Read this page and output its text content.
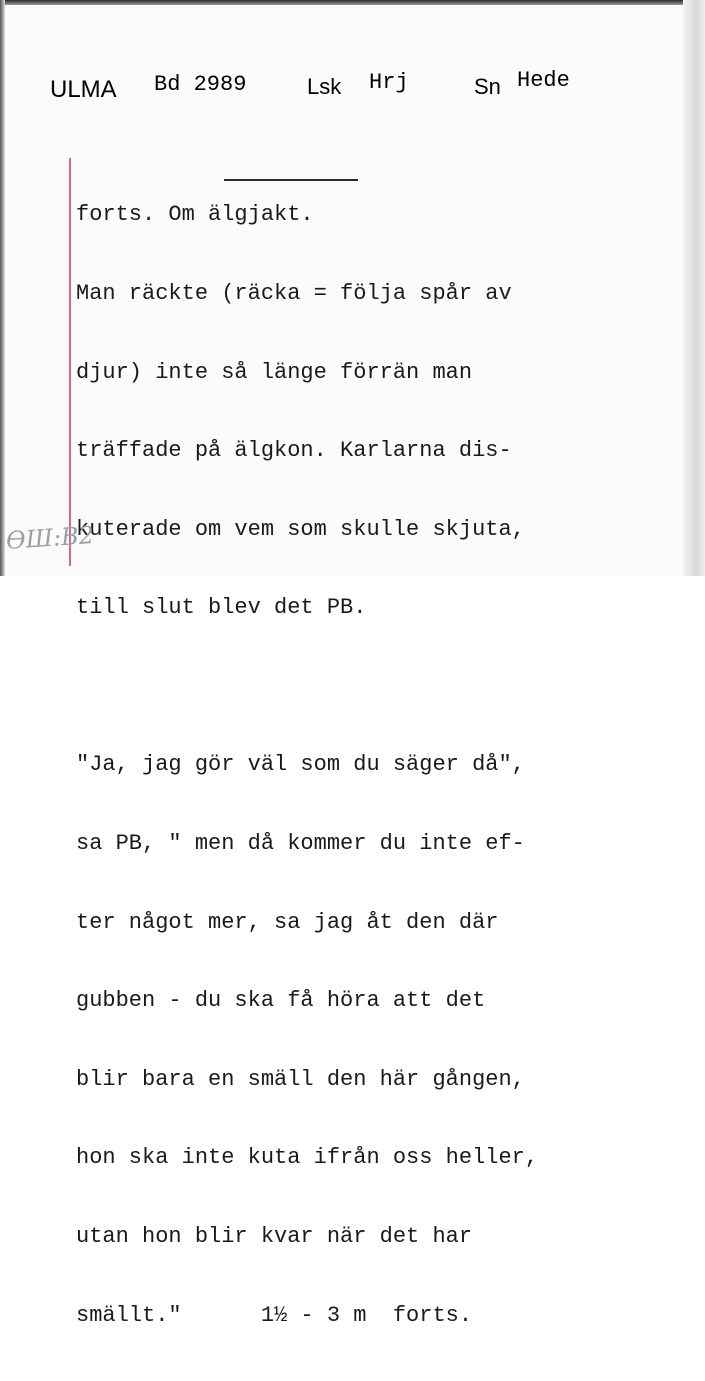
ULMA Bd 2989	Lsk Hrj	Sn Hede

forts. Om älgjakt.

Man räckte (räcka = följa spår av

djur) inte så länge förrän man

träffade på älgkon. Karlarna dis-

kuterade om vem som skulle skjuta,

till slut blev det PB.

"Ja, jag gör väl som du säger då",

sa PB, " men då kommer du inte ef-

ter något mer, sa jag åt den där

gubben - du ska få höra att det

blir bara en smäll den här gången,

hon ska inte kuta ifrån oss heller,

utan hon blir kvar när det har

smällt."      1½ - 3 m  forts.

ӨШ:В2
